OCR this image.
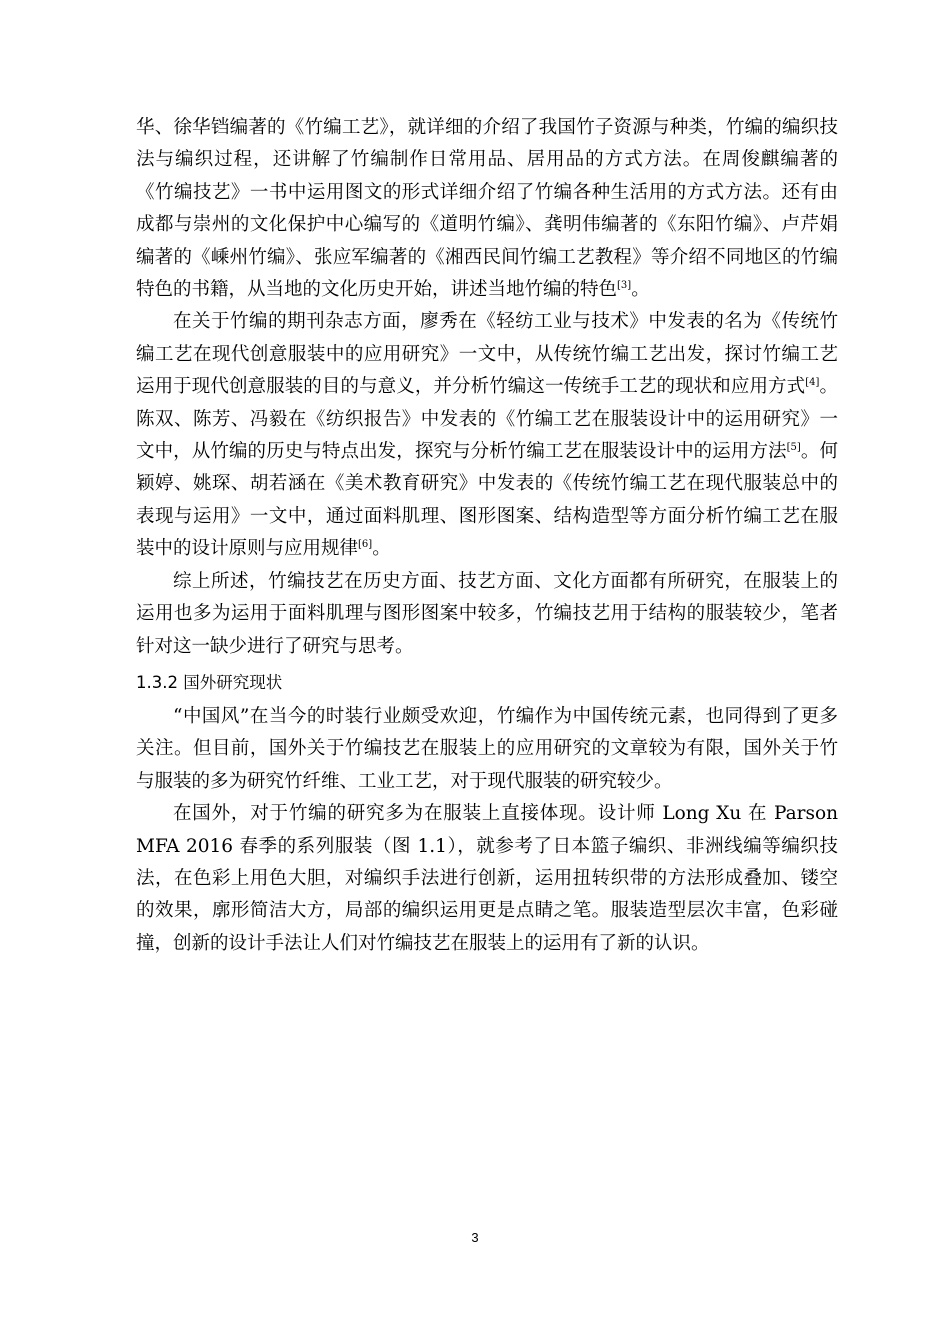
华、徐华铛编著的《竹编工艺》，就详细的介绍了我国竹子资源与种类，竹编的编织技法与编织过程，还讲解了竹编制作日常用品、居用品的方式方法。在周俊麒编著的《竹编技艺》一书中运用图文的形式详细介绍了竹编各种生活用的方式方法。还有由成都与崇州的文化保护中心编写的《道明竹编》、龚明伟编著的《东阳竹编》、卢芹娟编著的《嵊州竹编》、张应军编著的《湘西民间竹编工艺教程》等介绍不同地区的竹编特色的书籍，从当地的文化历史开始，讲述当地竹编的特色[3]。

在关于竹编的期刊杂志方面，廖秀在《轻纺工业与技术》中发表的名为《传统竹编工艺在现代创意服装中的应用研究》一文中，从传统竹编工艺出发，探讨竹编工艺运用于现代创意服装的目的与意义，并分析竹编这一传统手工艺的现状和应用方式[4]。陈双、陈芳、冯毅在《纺织报告》中发表的《竹编工艺在服装设计中的运用研究》一文中，从竹编的历史与特点出发，探究与分析竹编工艺在服装设计中的运用方法[5]。何颖婷、姚琛、胡若涵在《美术教育研究》中发表的《传统竹编工艺在现代服装总中的表现与运用》一文中，通过面料肌理、图形图案、结构造型等方面分析竹编工艺在服装中的设计原则与应用规律[6]。

综上所述，竹编技艺在历史方面、技艺方面、文化方面都有所研究，在服装上的运用也多为运用于面料肌理与图形图案中较多，竹编技艺用于结构的服装较少，笔者针对这一缺少进行了研究与思考。

1.3.2 国外研究现状

“中国风”在当今的时装行业颇受欢迎，竹编作为中国传统元素，也同得到了更多关注。但目前，国外关于竹编技艺在服装上的应用研究的文章较为有限，国外关于竹与服装的多为研究竹纤维、工业工艺，对于现代服装的研究较少。

在国外，对于竹编的研究多为在服装上直接体现。设计师 Long Xu 在 Parson MFA 2016 春季的系列服装（图 1.1），就参考了日本篮子编织、非洲线编等编织技法，在色彩上用色大胆，对编织手法进行创新，运用扭转织带的方法形成叠加、镂空的效果，廓形简洁大方，局部的编织运用更是点睛之笔。服装造型层次丰富，色彩碰撞，创新的设计手法让人们对竹编技艺在服装上的运用有了新的认识。

3
